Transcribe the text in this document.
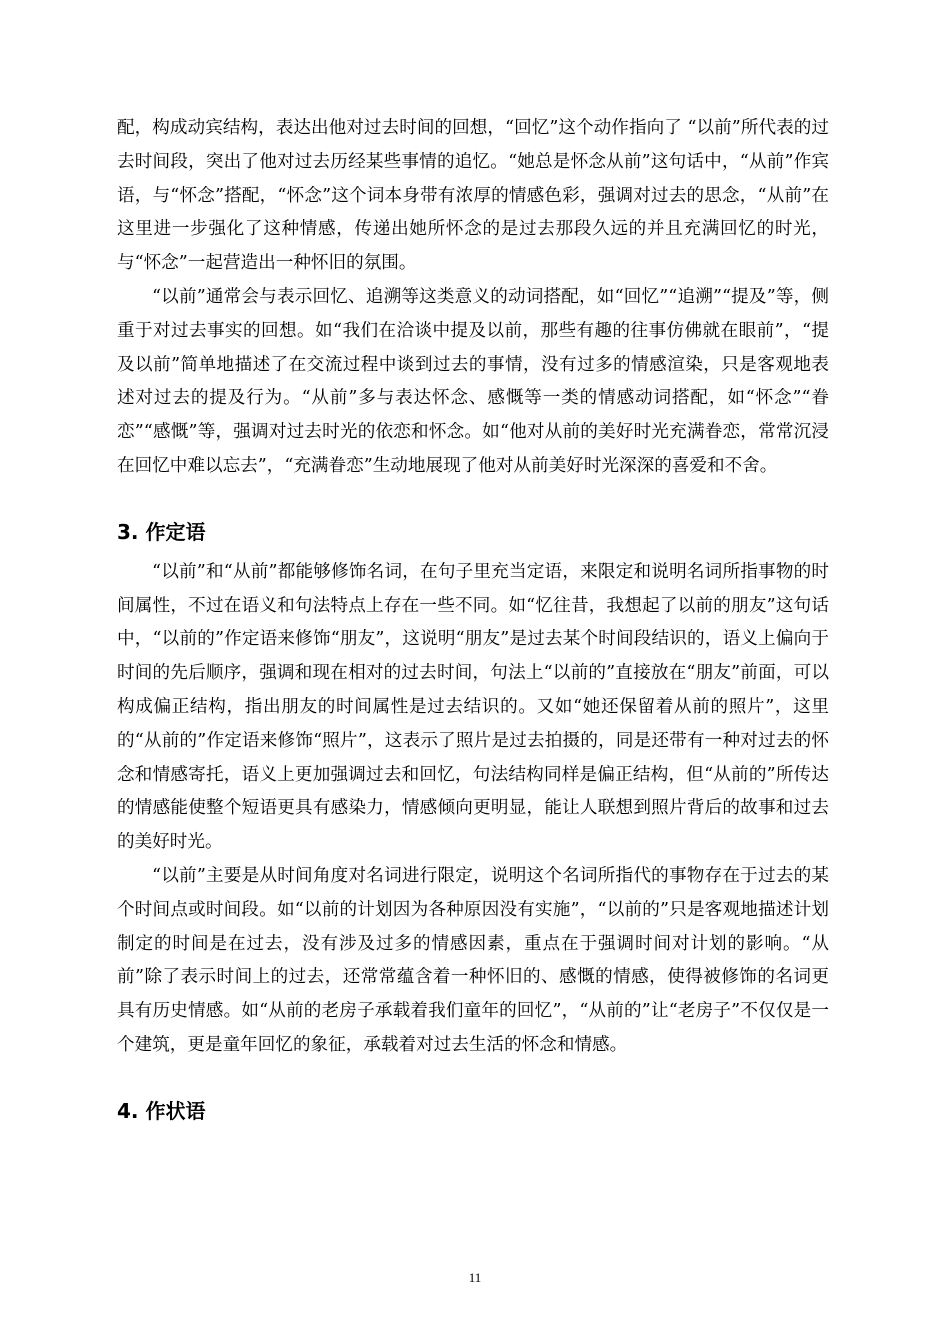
配，构成动宾结构，表达出他对过去时间的回想，“回忆”这个动作指向了 “以前”所代表的过去时间段，突出了他对过去历经某些事情的追忆。“她总是怀念从前”这句话中，“从前”作宾语，与“怀念”搭配，“怀念”这个词本身带有浓厚的情感色彩，强调对过去的思念，“从前”在这里进一步强化了这种情感，传递出她所怀念的是过去那段久远的并且充满回忆的时光，与“怀念”一起营造出一种怀旧的氛围。

“以前”通常会与表示回忆、追溯等这类意义的动词搭配，如“回忆”“追溯”“提及”等，侧重于对过去事实的回想。如“我们在洽谈中提及以前，那些有趣的往事仿佛就在眼前”，“提及以前”简单地描述了在交流过程中谈到过去的事情，没有过多的情感渲染，只是客观地表述对过去的提及行为。“从前”多与表达怀念、感慨等一类的情感动词搭配，如“怀念”“眷恋”“感慨”等，强调对过去时光的依恋和怀念。如“他对从前的美好时光充满眷恋，常常沉浸在回忆中难以忘去”，“充满眷恋”生动地展现了他对从前美好时光深深的喜爱和不舍。

3. 作定语

“以前”和“从前”都能够修饰名词，在句子里充当定语，来限定和说明名词所指事物的时间属性，不过在语义和句法特点上存在一些不同。如“忆往昔，我想起了以前的朋友”这句话中，“以前的”作定语来修饰“朋友”，这说明“朋友”是过去某个时间段结识的，语义上偏向于时间的先后顺序，强调和现在相对的过去时间，句法上“以前的”直接放在“朋友”前面，可以构成偏正结构，指出朋友的时间属性是过去结识的。又如“她还保留着从前的照片”，这里的“从前的”作定语来修饰“照片”，这表示了照片是过去拍摄的，同是还带有一种对过去的怀念和情感寄托，语义上更加强调过去和回忆，句法结构同样是偏正结构，但“从前的”所传达的情感能使整个短语更具有感染力，情感倾向更明显，能让人联想到照片背后的故事和过去的美好时光。

“以前”主要是从时间角度对名词进行限定，说明这个名词所指代的事物存在于过去的某个时间点或时间段。如“以前的计划因为各种原因没有实施”，“以前的”只是客观地描述计划制定的时间是在过去，没有涉及过多的情感因素，重点在于强调时间对计划的影响。“从前”除了表示时间上的过去，还常常蕴含着一种怀旧的、感慨的情感，使得被修饰的名词更具有历史情感。如“从前的老房子承载着我们童年的回忆”，“从前的”让“老房子”不仅仅是一个建筑，更是童年回忆的象征，承载着对过去生活的怀念和情感。

4. 作状语
11
